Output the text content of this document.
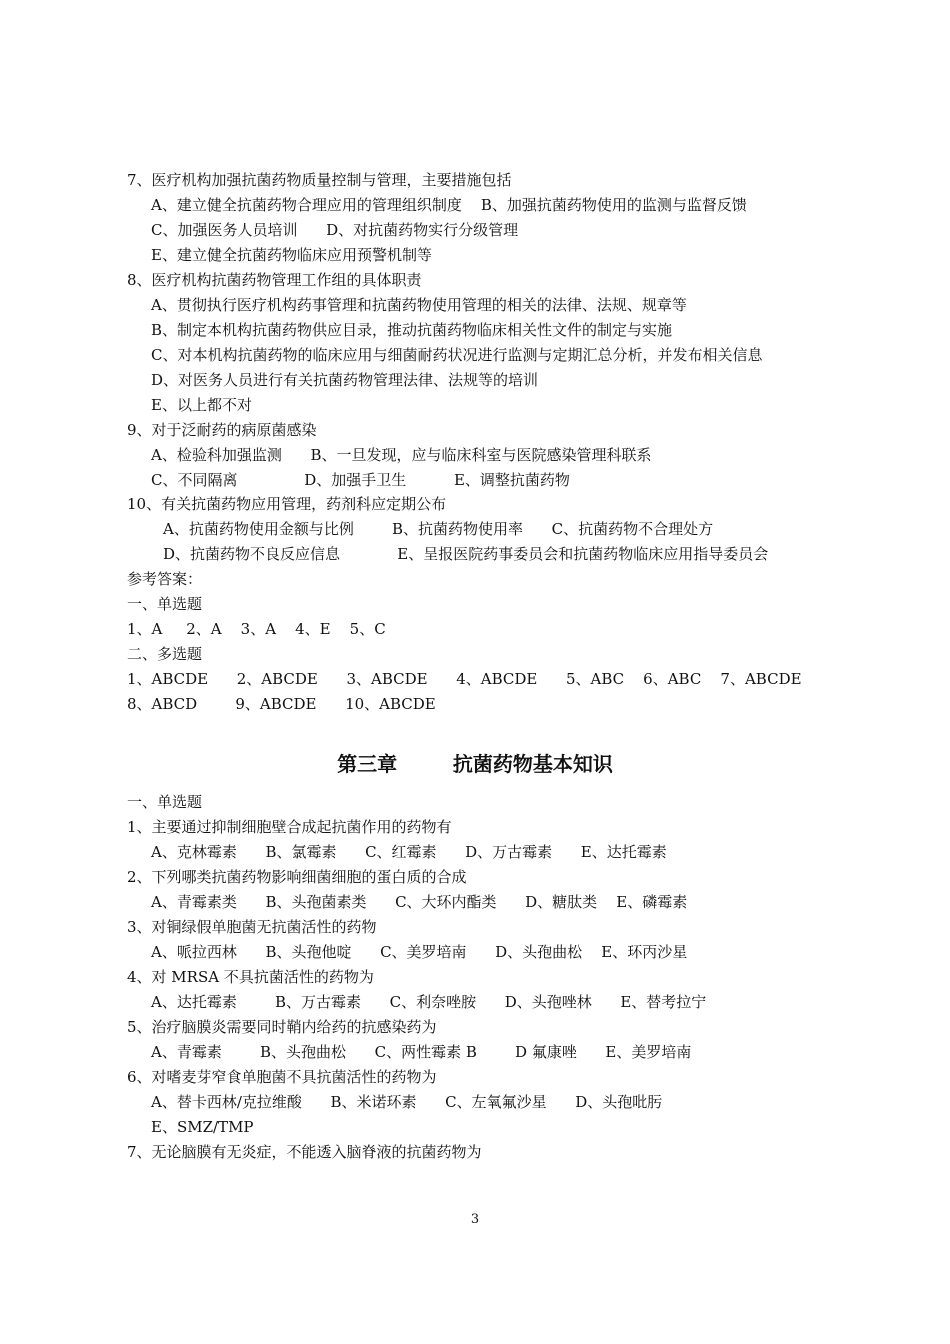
7、医疗机构加强抗菌药物质量控制与管理，主要措施包括
A、建立健全抗菌药物合理应用的管理组织制度    B、加强抗菌药物使用的监测与监督反馈
C、加强医务人员培训      D、对抗菌药物实行分级管理
E、建立健全抗菌药物临床应用预警机制等
8、医疗机构抗菌药物管理工作组的具体职责
A、贯彻执行医疗机构药事管理和抗菌药物使用管理的相关的法律、法规、规章等
B、制定本机构抗菌药物供应目录，推动抗菌药物临床相关性文件的制定与实施
C、对本机构抗菌药物的临床应用与细菌耐药状况进行监测与定期汇总分析，并发布相关信息
D、对医务人员进行有关抗菌药物管理法律、法规等的培训
E、以上都不对
9、对于泛耐药的病原菌感染
A、检验科加强监测      B、一旦发现，应与临床科室与医院感染管理科联系
C、不同隔离              D、加强手卫生          E、调整抗菌药物
10、有关抗菌药物应用管理，药剂科应定期公布
A、抗菌药物使用金额与比例        B、抗菌药物使用率      C、抗菌药物不合理处方
D、抗菌药物不良反应信息            E、呈报医院药事委员会和抗菌药物临床应用指导委员会
参考答案：
一、单选题
1、A     2、A    3、A    4、E    5、C
二、多选题
1、ABCDE      2、ABCDE      3、ABCDE      4、ABCDE      5、ABC    6、ABC    7、ABCDE
8、ABCD        9、ABCDE      10、ABCDE
第三章        抗菌药物基本知识
一、单选题
1、主要通过抑制细胞壁合成起抗菌作用的药物有
A、克林霉素      B、氯霉素      C、红霉素      D、万古霉素      E、达托霉素
2、下列哪类抗菌药物影响细菌细胞的蛋白质的合成
A、青霉素类      B、头孢菌素类      C、大环内酯类      D、糖肽类    E、磷霉素
3、对铜绿假单胞菌无抗菌活性的药物
A、哌拉西林      B、头孢他啶      C、美罗培南      D、头孢曲松    E、环丙沙星
4、对 MRSA 不具抗菌活性的药物为
A、达托霉素        B、万古霉素      C、利奈唑胺      D、头孢唑林      E、替考拉宁
5、治疗脑膜炎需要同时鞘内给药的抗感染药为
A、青霉素        B、头孢曲松      C、两性霉素 B        D 氟康唑      E、美罗培南
6、对嗜麦芽窄食单胞菌不具抗菌活性的药物为
A、替卡西林/克拉维酸      B、米诺环素      C、左氧氟沙星      D、头孢吡肟
E、SMZ/TMP
7、无论脑膜有无炎症，不能透入脑脊液的抗菌药物为
3
